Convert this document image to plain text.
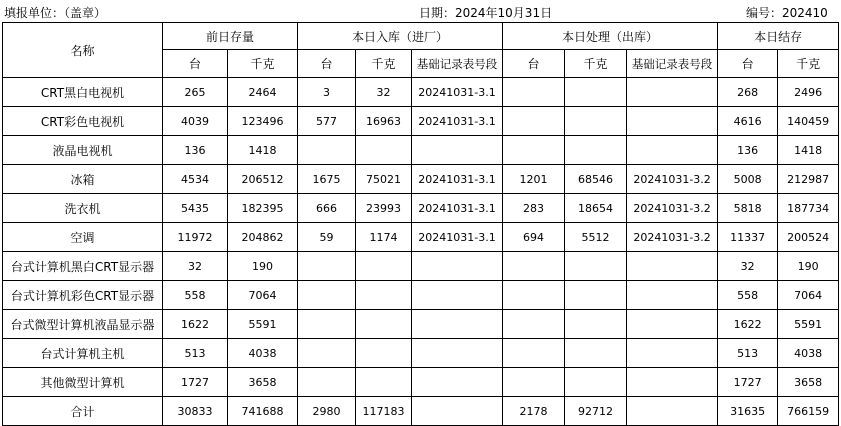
填报单位：（盖章）	日期：2024年10月31日	编号：202410
名称	前日存量		本日入库（进厂）			本日处理（出库）			本日结存	
	台	千克	台	千克	基础记录表号段	台	千克	基础记录表号段	台	千克
CRT黑白电视机	265	2464	3	32	20241031-3.1				268	2496
CRT彩色电视机	4039	123496	577	16963	20241031-3.1				4616	140459
液晶电视机	136	1418							136	1418
冰箱	4534	206512	1675	75021	20241031-3.1	1201	68546	20241031-3.2	5008	212987
洗衣机	5435	182395	666	23993	20241031-3.1	283	18654	20241031-3.2	5818	187734
空调	11972	204862	59	1174	20241031-3.1	694	5512	20241031-3.2	11337	200524
台式计算机黑白CRT显示器	32	190							32	190
台式计算机彩色CRT显示器	558	7064							558	7064
台式微型计算机液晶显示器	1622	5591							1622	5591
台式计算机主机	513	4038							513	4038
其他微型计算机	1727	3658							1727	3658
合计	30833	741688	2980	117183		2178	92712		31635	766159
